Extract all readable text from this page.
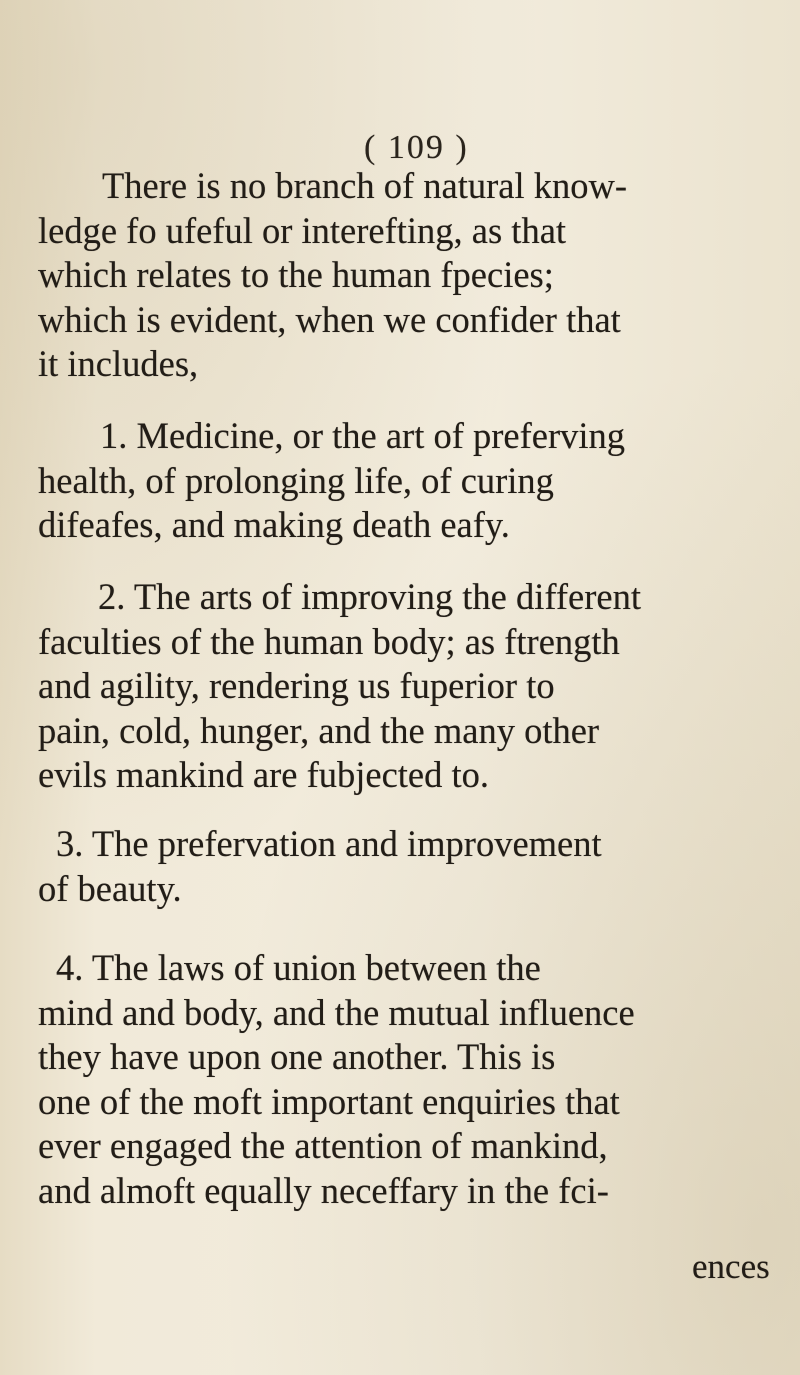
( 109 )
There is no branch of natural know-
ledge fo ufeful or interefting, as that
which relates to the human fpecies;
which is evident, when we confider that
it includes,
1. Medicine, or the art of preferving
health, of prolonging life, of curing
difeafes, and making death eafy.
2. The arts of improving the different
faculties of the human body; as ftrength
and agility, rendering us fuperior to
pain, cold, hunger, and the many other
evils mankind are fubjected to.
3. The prefervation and improvement
of beauty.
4. The laws of union between the
mind and body, and the mutual influence
they have upon one another. This is
one of the moft important enquiries that
ever engaged the attention of mankind,
and almoft equally neceffary in the fci-
ences
